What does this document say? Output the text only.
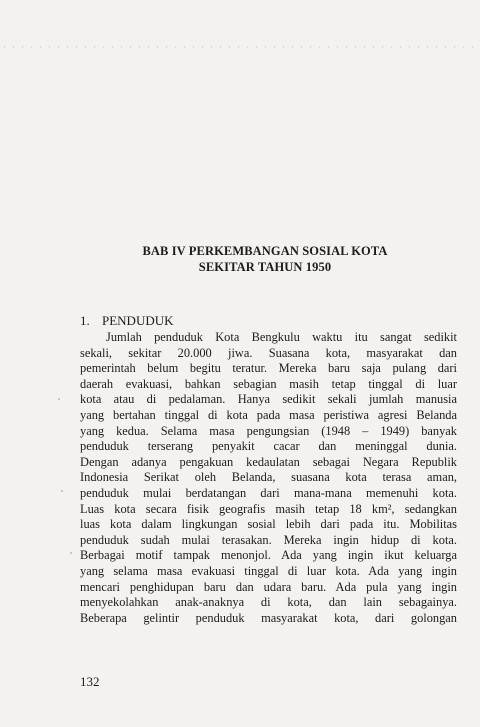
BAB IV PERKEMBANGAN SOSIAL KOTA
SEKITAR TAHUN 1950
1. PENDUDUK
Jumlah penduduk Kota Bengkulu waktu itu sangat sedikit
sekali, sekitar 20.000 jiwa. Suasana kota, masyarakat dan
pemerintah belum begitu teratur. Mereka baru saja pulang dari
daerah evakuasi, bahkan sebagian masih tetap tinggal di luar
kota atau di pedalaman. Hanya sedikit sekali jumlah manusia
yang bertahan tinggal di kota pada masa peristiwa agresi Belanda
yang kedua. Selama masa pengungsian (1948 – 1949) banyak
penduduk terserang penyakit cacar dan meninggal dunia.
Dengan adanya pengakuan kedaulatan sebagai Negara Republik
Indonesia Serikat oleh Belanda, suasana kota terasa aman,
penduduk mulai berdatangan dari mana-mana memenuhi kota.
Luas kota secara fisik geografis masih tetap 18 km², sedangkan
luas kota dalam lingkungan sosial lebih dari pada itu. Mobilitas
penduduk sudah mulai terasakan. Mereka ingin hidup di kota.
Berbagai motif tampak menonjol. Ada yang ingin ikut keluarga
yang selama masa evakuasi tinggal di luar kota. Ada yang ingin
mencari penghidupan baru dan udara baru. Ada pula yang ingin
menyekolahkan anak-anaknya di kota, dan lain sebagainya.
Beberapa gelintir penduduk masyarakat kota, dari golongan
132
